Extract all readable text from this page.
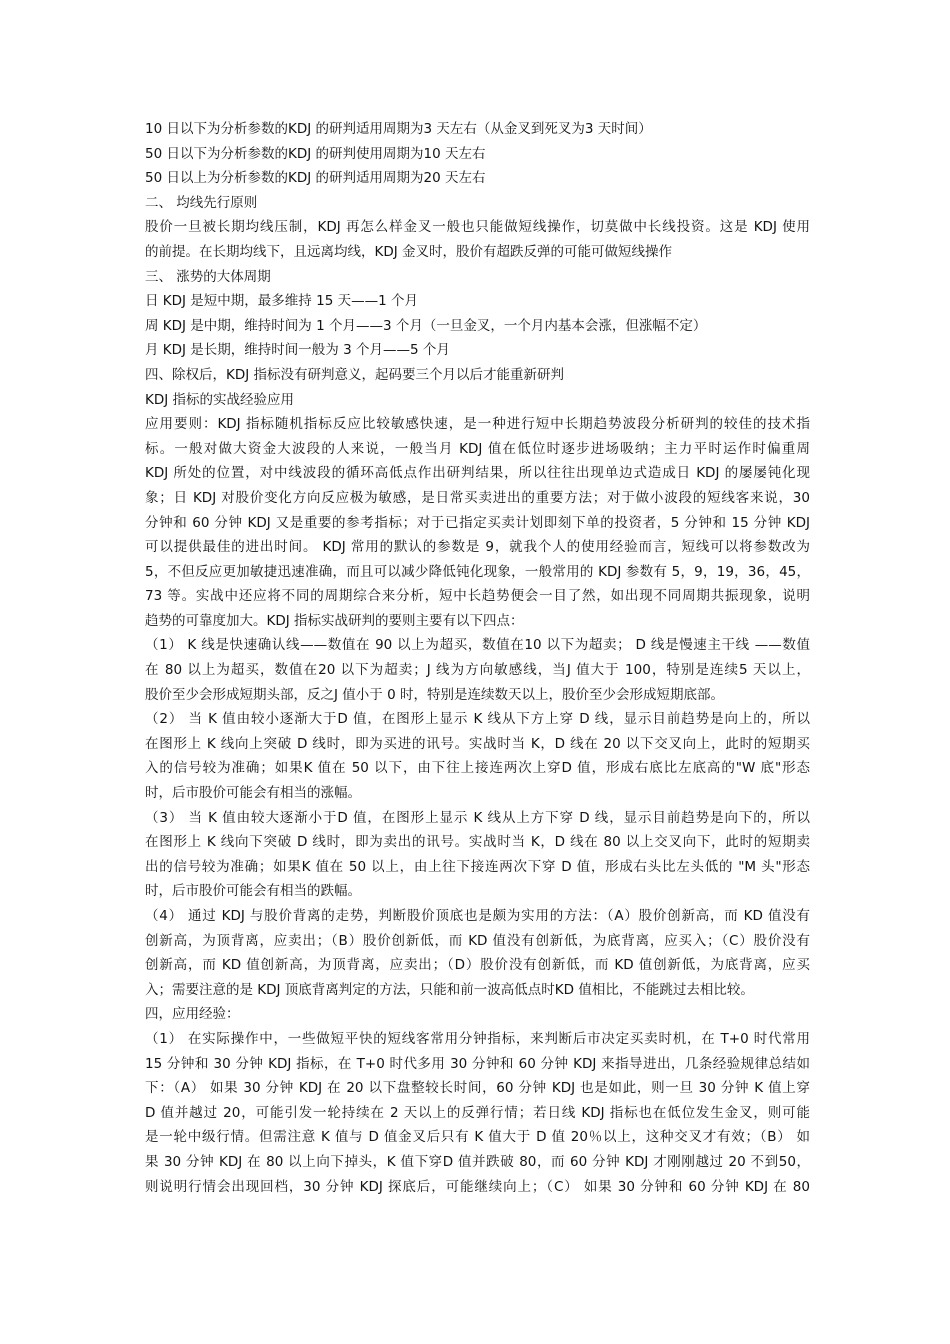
10 日以下为分析参数的KDJ 的研判适用周期为3 天左右（从金叉到死叉为3 天时间）
50 日以下为分析参数的KDJ 的研判使用周期为10 天左右
50 日以上为分析参数的KDJ 的研判适用周期为20 天左右
二、 均线先行原则
股价一旦被长期均线压制，KDJ 再怎么样金叉一般也只能做短线操作，切莫做中长线投资。这是 KDJ 使用
的前提。在长期均线下，且远离均线，KDJ 金叉时，股价有超跌反弹的可能可做短线操作
三、 涨势的大体周期
日 KDJ 是短中期，最多维持 15 天——1 个月
周 KDJ 是中期，维持时间为 1 个月——3 个月（一旦金叉，一个月内基本会涨，但涨幅不定）
月 KDJ 是长期，维持时间一般为 3 个月——5 个月
四、除权后，KDJ 指标没有研判意义，起码要三个月以后才能重新研判
KDJ 指标的实战经验应用
应用要则：KDJ 指标随机指标反应比较敏感快速，是一种进行短中长期趋势波段分析研判的较佳的技术指
标。一般对做大资金大波段的人来说，一般当月 KDJ 值在低位时逐步进场吸纳；主力平时运作时偏重周
KDJ 所处的位置，对中线波段的循环高低点作出研判结果，所以往往出现单边式造成日 KDJ 的屡屡钝化现
象；日 KDJ 对股价变化方向反应极为敏感，是日常买卖进出的重要方法；对于做小波段的短线客来说，30
分钟和 60 分钟 KDJ 又是重要的参考指标；对于已指定买卖计划即刻下单的投资者，5 分钟和 15 分钟 KDJ
可以提供最佳的进出时间。 KDJ 常用的默认的参数是 9，就我个人的使用经验而言，短线可以将参数改为
5，不但反应更加敏捷迅速准确，而且可以减少降低钝化现象，一般常用的 KDJ 参数有 5，9，19，36，45，
73 等。实战中还应将不同的周期综合来分析，短中长趋势便会一目了然，如出现不同周期共振现象，说明
趋势的可靠度加大。KDJ 指标实战研判的要则主要有以下四点：
（1） K 线是快速确认线——数值在 90 以上为超买，数值在10 以下为超卖； D 线是慢速主干线 ——数值
在 80 以上为超买，数值在20 以下为超卖；J 线为方向敏感线，当J 值大于 100，特别是连续5 天以上，
股价至少会形成短期头部，反之J 值小于 0 时，特别是连续数天以上，股价至少会形成短期底部。
（2） 当 K 值由较小逐渐大于D 值，在图形上显示 K 线从下方上穿 D 线，显示目前趋势是向上的，所以
在图形上 K 线向上突破 D 线时，即为买进的讯号。实战时当 K，D 线在 20 以下交叉向上，此时的短期买
入的信号较为准确；如果K 值在 50 以下，由下往上接连两次上穿D 值，形成右底比左底高的"W 底"形态
时，后市股价可能会有相当的涨幅。
（3） 当 K 值由较大逐渐小于D 值，在图形上显示 K 线从上方下穿 D 线，显示目前趋势是向下的，所以
在图形上 K 线向下突破 D 线时，即为卖出的讯号。实战时当 K，D 线在 80 以上交叉向下，此时的短期卖
出的信号较为准确；如果K 值在 50 以上，由上往下接连两次下穿 D 值，形成右头比左头低的 "M 头"形态
时，后市股价可能会有相当的跌幅。
（4） 通过 KDJ 与股价背离的走势，判断股价顶底也是颇为实用的方法：（A）股价创新高，而 KD 值没有
创新高，为顶背离，应卖出；（B）股价创新低，而 KD 值没有创新低，为底背离，应买入；（C）股价没有
创新高，而 KD 值创新高，为顶背离，应卖出；（D）股价没有创新低，而 KD 值创新低，为底背离，应买
入；需要注意的是 KDJ 顶底背离判定的方法，只能和前一波高低点时KD 值相比，不能跳过去相比较。
四，应用经验：
（1） 在实际操作中，一些做短平快的短线客常用分钟指标，来判断后市决定买卖时机，在 T+0 时代常用
15 分钟和 30 分钟 KDJ 指标，在 T+0 时代多用 30 分钟和 60 分钟 KDJ 来指导进出，几条经验规律总结如
下：（A） 如果 30 分钟 KDJ 在 20 以下盘整较长时间，60 分钟 KDJ 也是如此，则一旦 30 分钟 K 值上穿
D 值并越过 20，可能引发一轮持续在 2 天以上的反弹行情；若日线 KDJ 指标也在低位发生金叉，则可能
是一轮中级行情。但需注意 K 值与 D 值金叉后只有 K 值大于 D 值 20％以上，这种交叉才有效；（B） 如
果 30 分钟 KDJ 在 80 以上向下掉头，K 值下穿D 值并跌破 80，而 60 分钟 KDJ 才刚刚越过 20 不到50，
则说明行情会出现回档，30 分钟 KDJ 探底后，可能继续向上；（C） 如果 30 分钟和 60 分钟 KDJ 在 80
